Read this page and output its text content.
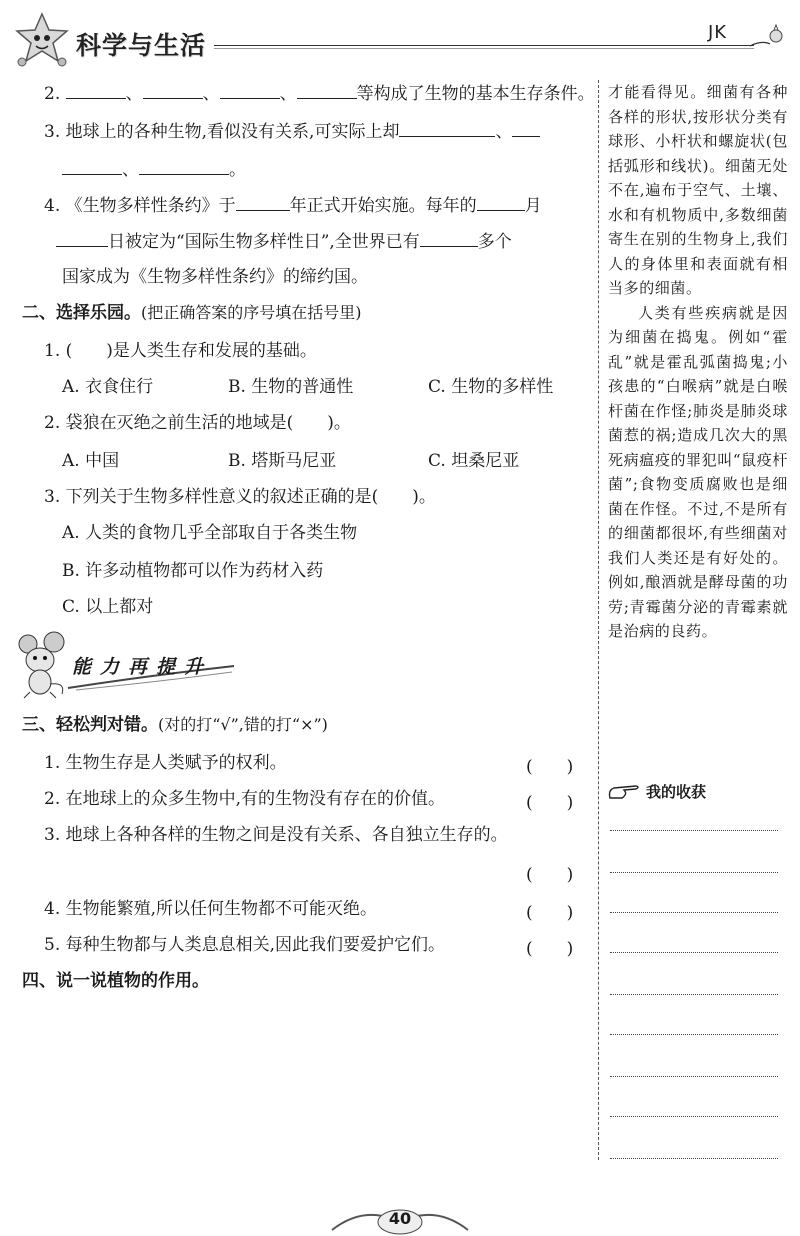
科学与生活	JK
2.	、	、	、	等构成了生物的基本生存条件。
3. 地球上的各种生物,看似没有关系,可实际上却	、
、	。
4. 《生物多样性条约》于	年正式开始实施。每年的	月
日被定为“国际生物多样性日”,全世界已有	多个
国家成为《生物多样性条约》的缔约国。
二、选择乐园。(把正确答案的序号填在括号里)
1. (　　)是人类生存和发展的基础。
A. 衣食住行	B. 生物的普通性	C. 生物的多样性
2. 袋狼在灭绝之前生活的地域是(　　)。
A. 中国	B. 塔斯马尼亚	C. 坦桑尼亚
3. 下列关于生物多样性意义的叙述正确的是(　　)。
A. 人类的食物几乎全部取自于各类生物
B. 许多动植物都可以作为药材入药
C. 以上都对
能力再提升
三、轻松判对错。(对的打“√”,错的打“×”)
1. 生物生存是人类赋予的权利。	(　　)
2. 在地球上的众多生物中,有的生物没有存在的价值。	(　　)
3. 地球上各种各样的生物之间是没有关系、各自独立生存的。
(　　)
4. 生物能繁殖,所以任何生物都不可能灭绝。	(　　)
5. 每种生物都与人类息息相关,因此我们要爱护它们。	(　　)
四、说一说植物的作用。

才能看得见。细菌有各种各样的形状,按形状分类有球形、小杆状和螺旋状(包括弧形和线状)。细菌无处不在,遍布于空气、土壤、水和有机物质中,多数细菌寄生在别的生物身上,我们人的身体里和表面就有相当多的细菌。

人类有些疾病就是因为细菌在捣鬼。例如“霍乱”就是霍乱弧菌捣鬼;小孩患的“白喉病”就是白喉杆菌在作怪;肺炎是肺炎球菌惹的祸;造成几次大的黑死病瘟疫的罪犯叫“鼠疫杆菌”;食物变质腐败也是细菌在作怪。不过,不是所有的细菌都很坏,有些细菌对我们人类还是有好处的。例如,酿酒就是酵母菌的功劳;青霉菌分泌的青霉素就是治病的良药。

我的收获
40
